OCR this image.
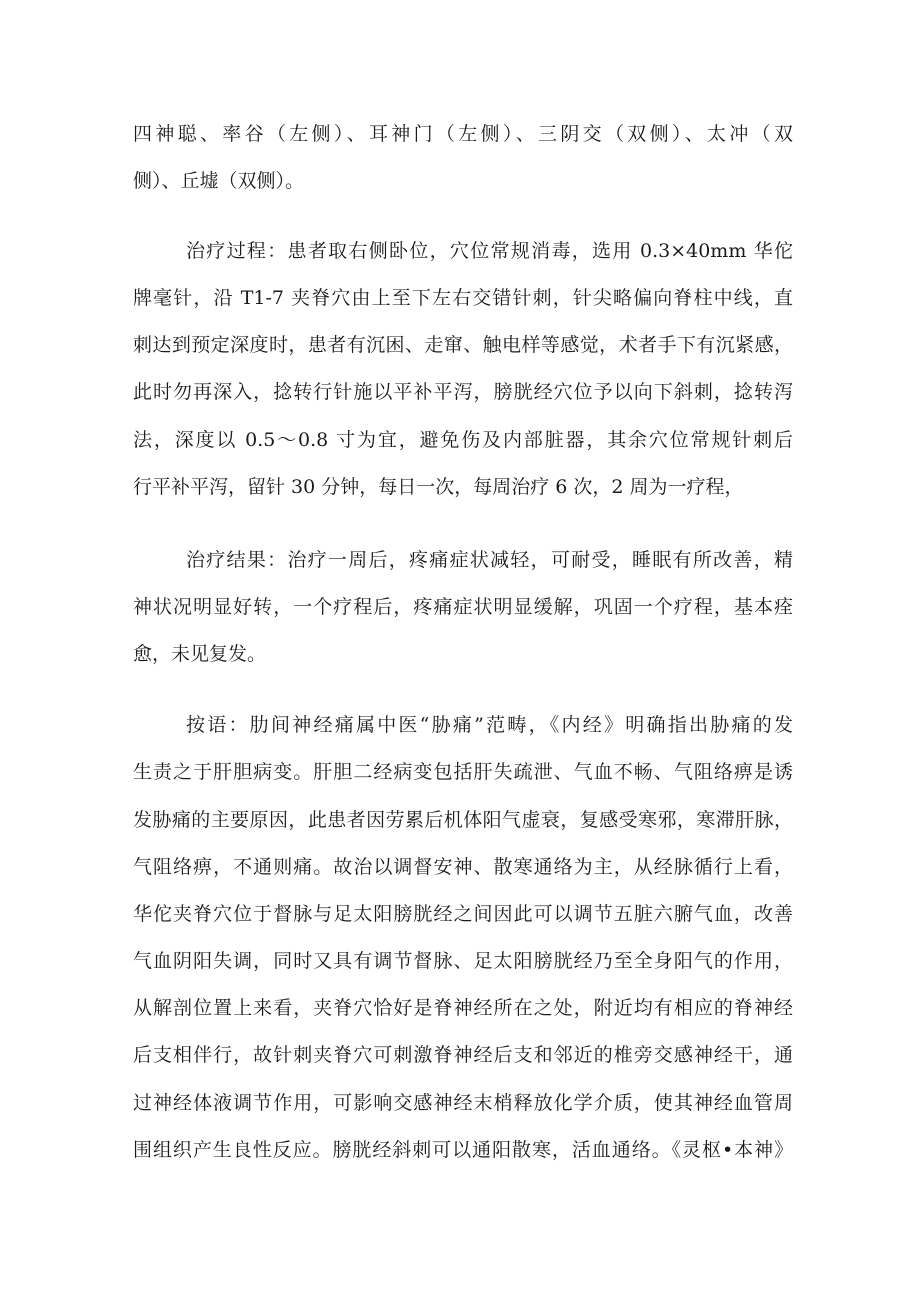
四神聪、率谷（左侧）、耳神门（左侧）、三阴交（双侧）、太冲（双
侧）、丘墟（双侧）。
治疗过程：患者取右侧卧位，穴位常规消毒，选用 0.3×40mm 华佗
牌毫针，沿 T1-7 夹脊穴由上至下左右交错针刺，针尖略偏向脊柱中线，直
刺达到预定深度时，患者有沉困、走窜、触电样等感觉，术者手下有沉紧感，
此时勿再深入，捻转行针施以平补平泻，膀胱经穴位予以向下斜刺，捻转泻
法，深度以 0.5～0.8 寸为宜，避免伤及内部脏器，其余穴位常规针刺后
行平补平泻，留针 30 分钟，每日一次，每周治疗 6 次，2 周为一疗程，
治疗结果：治疗一周后，疼痛症状减轻，可耐受，睡眠有所改善，精
神状况明显好转，一个疗程后，疼痛症状明显缓解，巩固一个疗程，基本痊
愈，未见复发。
按语：肋间神经痛属中医“胁痛”范畴，《内经》明确指出胁痛的发
生责之于肝胆病变。肝胆二经病变包括肝失疏泄、气血不畅、气阻络痹是诱
发胁痛的主要原因，此患者因劳累后机体阳气虚衰，复感受寒邪，寒滞肝脉，
气阻络痹，不通则痛。故治以调督安神、散寒通络为主，从经脉循行上看，
华佗夹脊穴位于督脉与足太阳膀胱经之间因此可以调节五脏六腑气血，改善
气血阴阳失调，同时又具有调节督脉、足太阳膀胱经乃至全身阳气的作用，
从解剖位置上来看，夹脊穴恰好是脊神经所在之处，附近均有相应的脊神经
后支相伴行，故针刺夹脊穴可刺激脊神经后支和邻近的椎旁交感神经干，通
过神经体液调节作用，可影响交感神经末梢释放化学介质，使其神经血管周
围组织产生良性反应。膀胱经斜刺可以通阳散寒，活血通络。《灵枢•本神》
